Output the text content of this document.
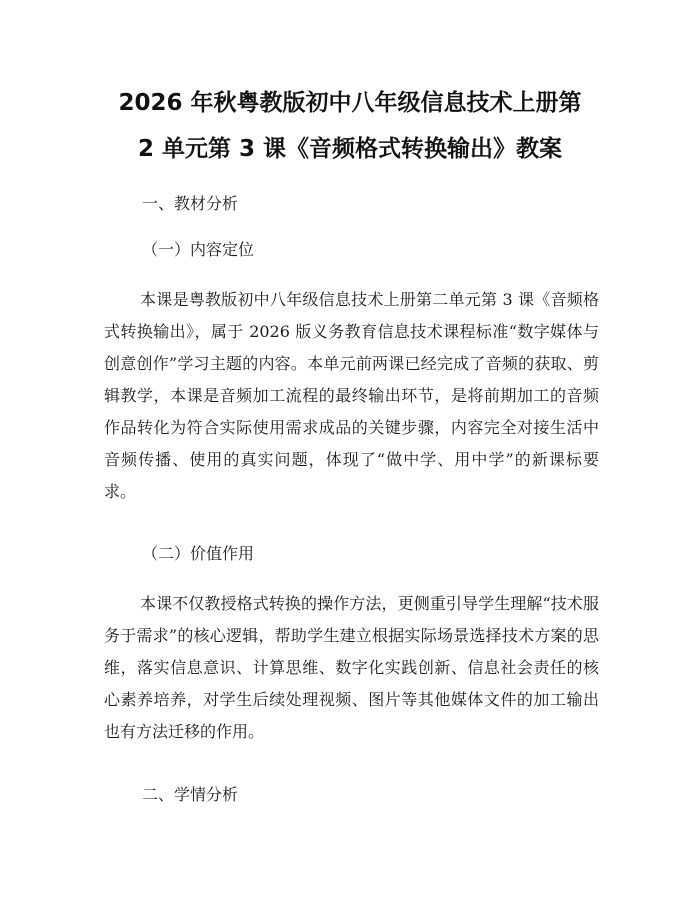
2026 年秋粤教版初中八年级信息技术上册第
2 单元第 3 课《音频格式转换输出》教案
一、教材分析
（一）内容定位

本课是粤教版初中八年级信息技术上册第二单元第 3 课《音频格式转换输出》，属于 2026 版义务教育信息技术课程标准“数字媒体与创意创作”学习主题的内容。本单元前两课已经完成了音频的获取、剪辑教学，本课是音频加工流程的最终输出环节，是将前期加工的音频作品转化为符合实际使用需求成品的关键步骤，内容完全对接生活中音频传播、使用的真实问题，体现了“做中学、用中学”的新课标要求。

（二）价值作用

本课不仅教授格式转换的操作方法，更侧重引导学生理解“技术服务于需求”的核心逻辑，帮助学生建立根据实际场景选择技术方案的思维，落实信息意识、计算思维、数字化实践创新、信息社会责任的核心素养培养，对学生后续处理视频、图片等其他媒体文件的加工输出也有方法迁移的作用。

二、学情分析
